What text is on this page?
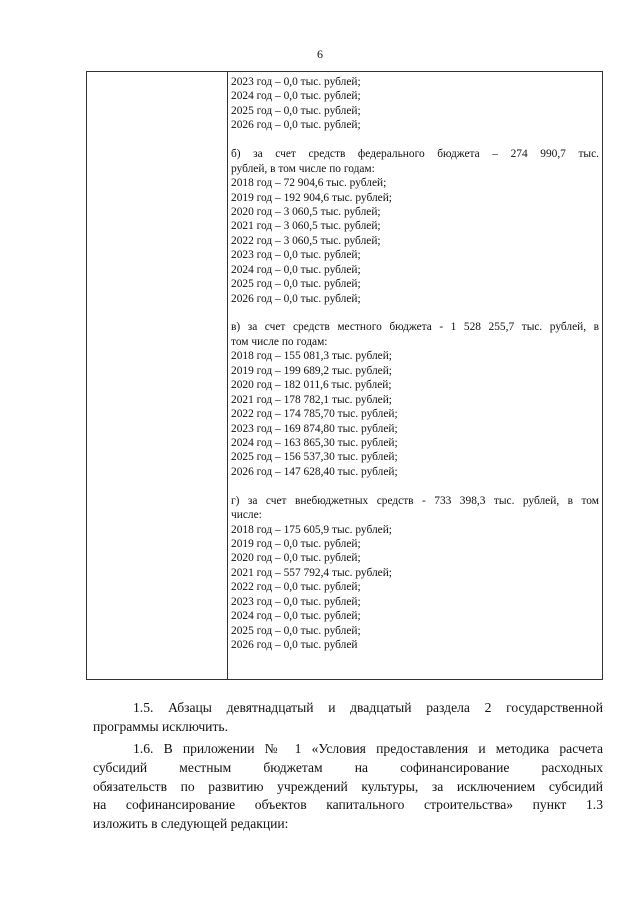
6
2023 год – 0,0 тыс. рублей;
2024 год – 0,0 тыс. рублей;
2025 год – 0,0 тыс. рублей;
2026 год – 0,0 тыс. рублей;
б) за счет средств федерального бюджета – 274 990,7 тыс.
рублей, в том числе по годам:
2018 год – 72 904,6 тыс. рублей;
2019 год – 192 904,6 тыс. рублей;
2020 год – 3 060,5 тыс. рублей;
2021 год – 3 060,5 тыс. рублей;
2022 год – 3 060,5 тыс. рублей;
2023 год – 0,0 тыс. рублей;
2024 год – 0,0 тыс. рублей;
2025 год – 0,0 тыс. рублей;
2026 год – 0,0 тыс. рублей;
в) за счет средств местного бюджета - 1 528 255,7 тыс. рублей, в
том числе по годам:
2018 год – 155 081,3 тыс. рублей;
2019 год – 199 689,2 тыс. рублей;
2020 год – 182 011,6 тыс. рублей;
2021 год – 178 782,1 тыс. рублей;
2022 год – 174 785,70 тыс. рублей;
2023 год – 169 874,80 тыс. рублей;
2024 год – 163 865,30 тыс. рублей;
2025 год – 156 537,30 тыс. рублей;
2026 год – 147 628,40 тыс. рублей;
г) за счет внебюджетных средств - 733 398,3 тыс. рублей, в том
числе:
2018 год – 175 605,9 тыс. рублей;
2019 год – 0,0 тыс. рублей;
2020 год – 0,0 тыс. рублей;
2021 год – 557 792,4 тыс. рублей;
2022 год – 0,0 тыс. рублей;
2023 год – 0,0 тыс. рублей;
2024 год – 0,0 тыс. рублей;
2025 год – 0,0 тыс. рублей;
2026 год – 0,0 тыс. рублей
1.5. Абзацы девятнадцатый и двадцатый раздела 2 государственной
программы исключить.
1.6. В приложении № 1 «Условия предоставления и методика расчета
субсидий местным бюджетам на софинансирование расходных
обязательств по развитию учреждений культуры, за исключением субсидий
на софинансирование объектов капитального строительства» пункт 1.3
изложить в следующей редакции:
